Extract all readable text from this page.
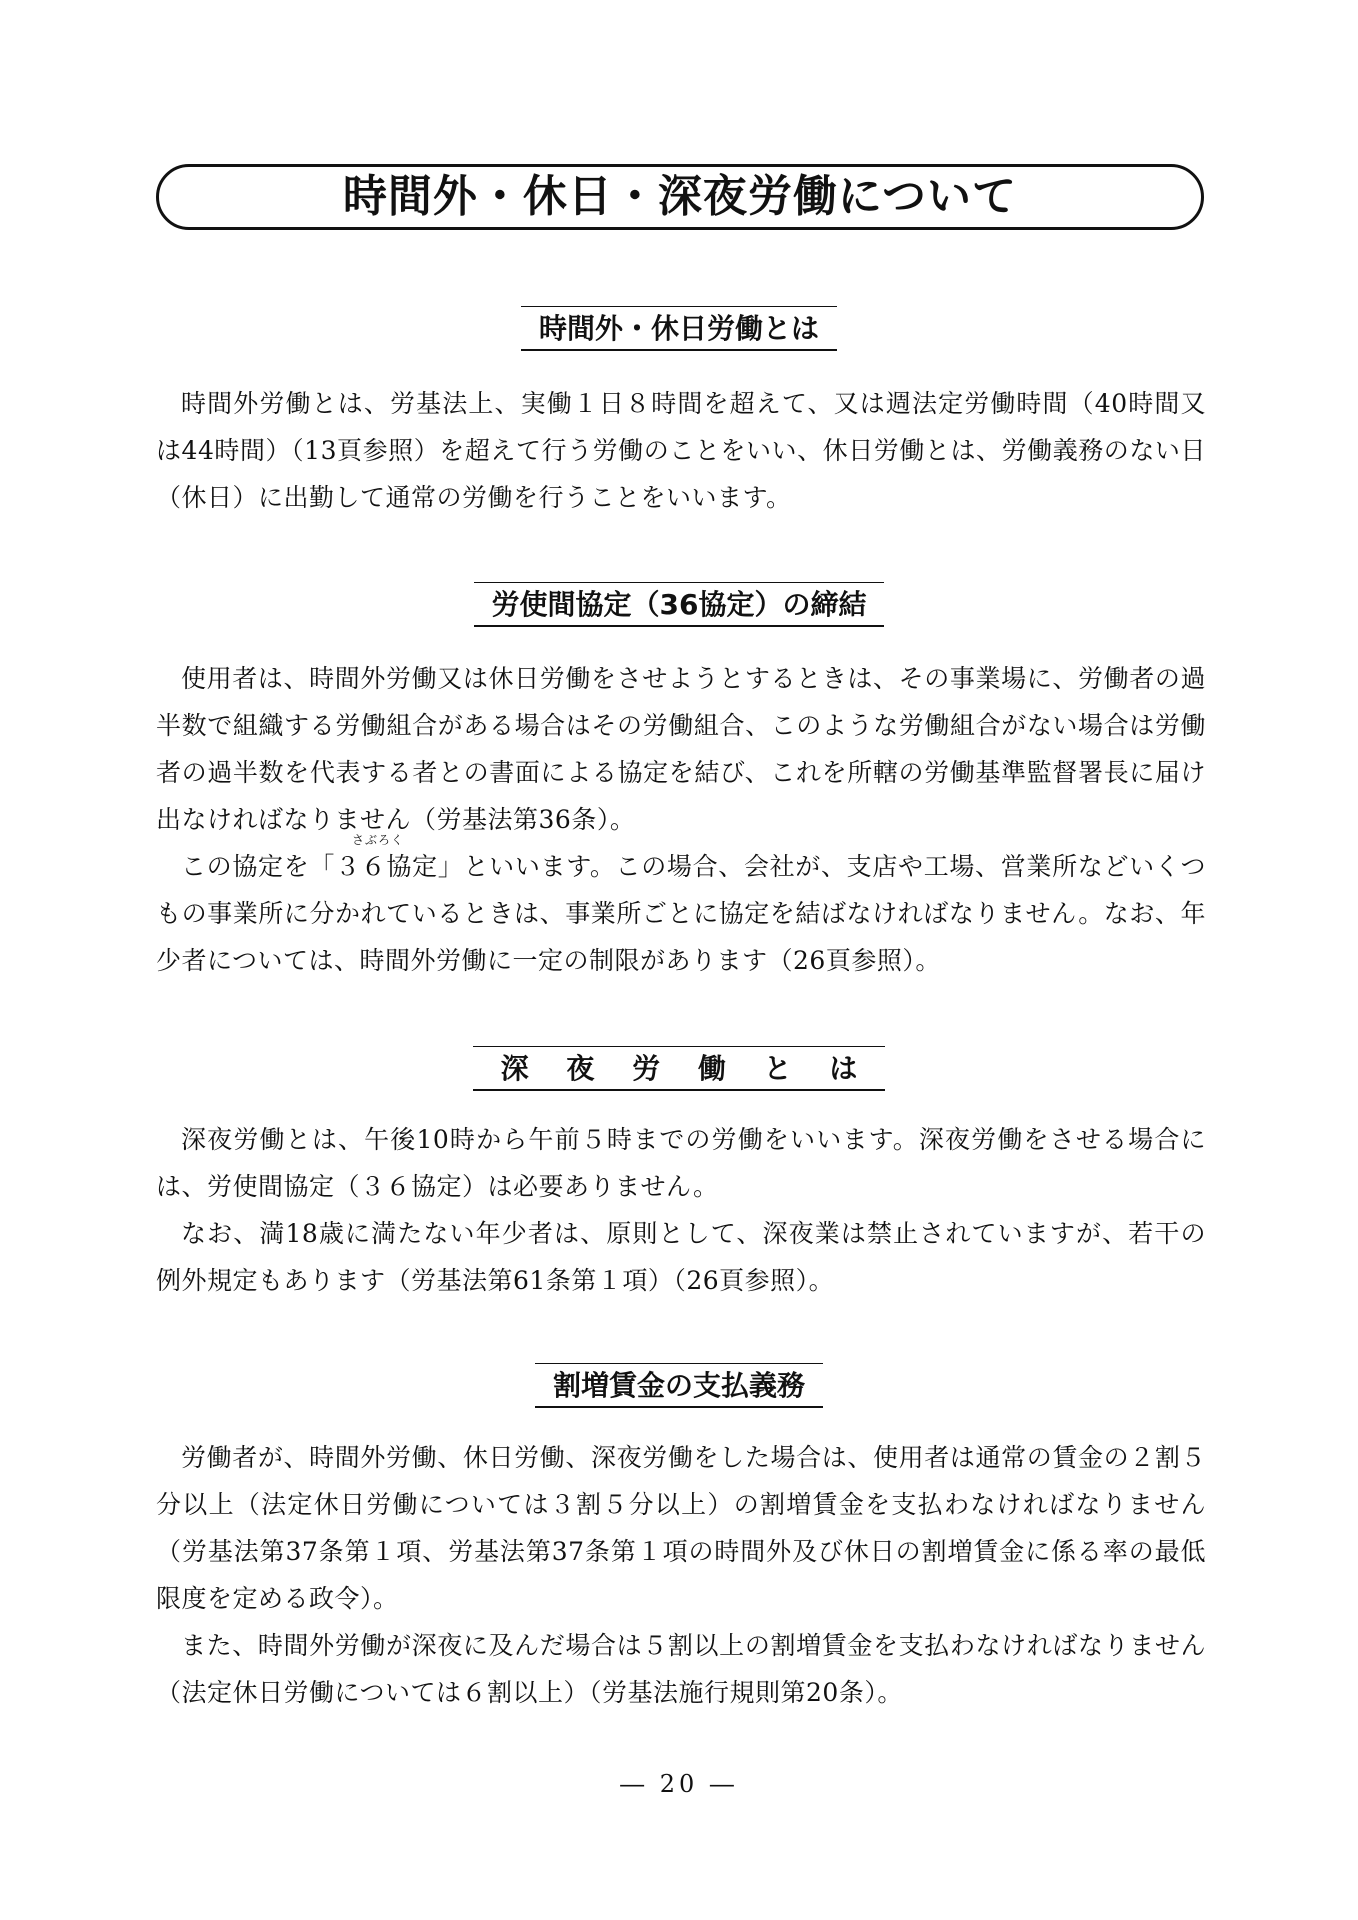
時間外・休日・深夜労働について
時間外・休日労働とは

時間外労働とは、労基法上、実働１日８時間を超えて、又は週法定労働時間（40時間又は44時間）（13頁参照）を超えて行う労働のことをいい、休日労働とは、労働義務のない日（休日）に出勤して通常の労働を行うことをいいます。

労使間協定（36協定）の締結

使用者は、時間外労働又は休日労働をさせようとするときは、その事業場に、労働者の過半数で組織する労働組合がある場合はその労働組合、このような労働組合がない場合は労働者の過半数を代表する者との書面による協定を結び、これを所轄の労働基準監督署長に届け出なければなりません（労基法第36条）。

この協定を「３６協定」といいます。この場合、会社が、支店や工場、営業所などいくつもの事業所に分かれているときは、事業所ごとに協定を結ばなければなりません。なお、年少者については、時間外労働に一定の制限があります（26頁参照）。

さぶろく
深 夜 労 働 と は

深夜労働とは、午後10時から午前５時までの労働をいいます。深夜労働をさせる場合には、労使間協定（３６協定）は必要ありません。

なお、満18歳に満たない年少者は、原則として、深夜業は禁止されていますが、若干の例外規定もあります（労基法第61条第１項）（26頁参照）。

割増賃金の支払義務

労働者が、時間外労働、休日労働、深夜労働をした場合は、使用者は通常の賃金の２割５分以上（法定休日労働については３割５分以上）の割増賃金を支払わなければなりません（労基法第37条第１項、労基法第37条第１項の時間外及び休日の割増賃金に係る率の最低限度を定める政令）。

また、時間外労働が深夜に及んだ場合は５割以上の割増賃金を支払わなければなりません（法定休日労働については６割以上）（労基法施行規則第20条）。

― 20 ―
